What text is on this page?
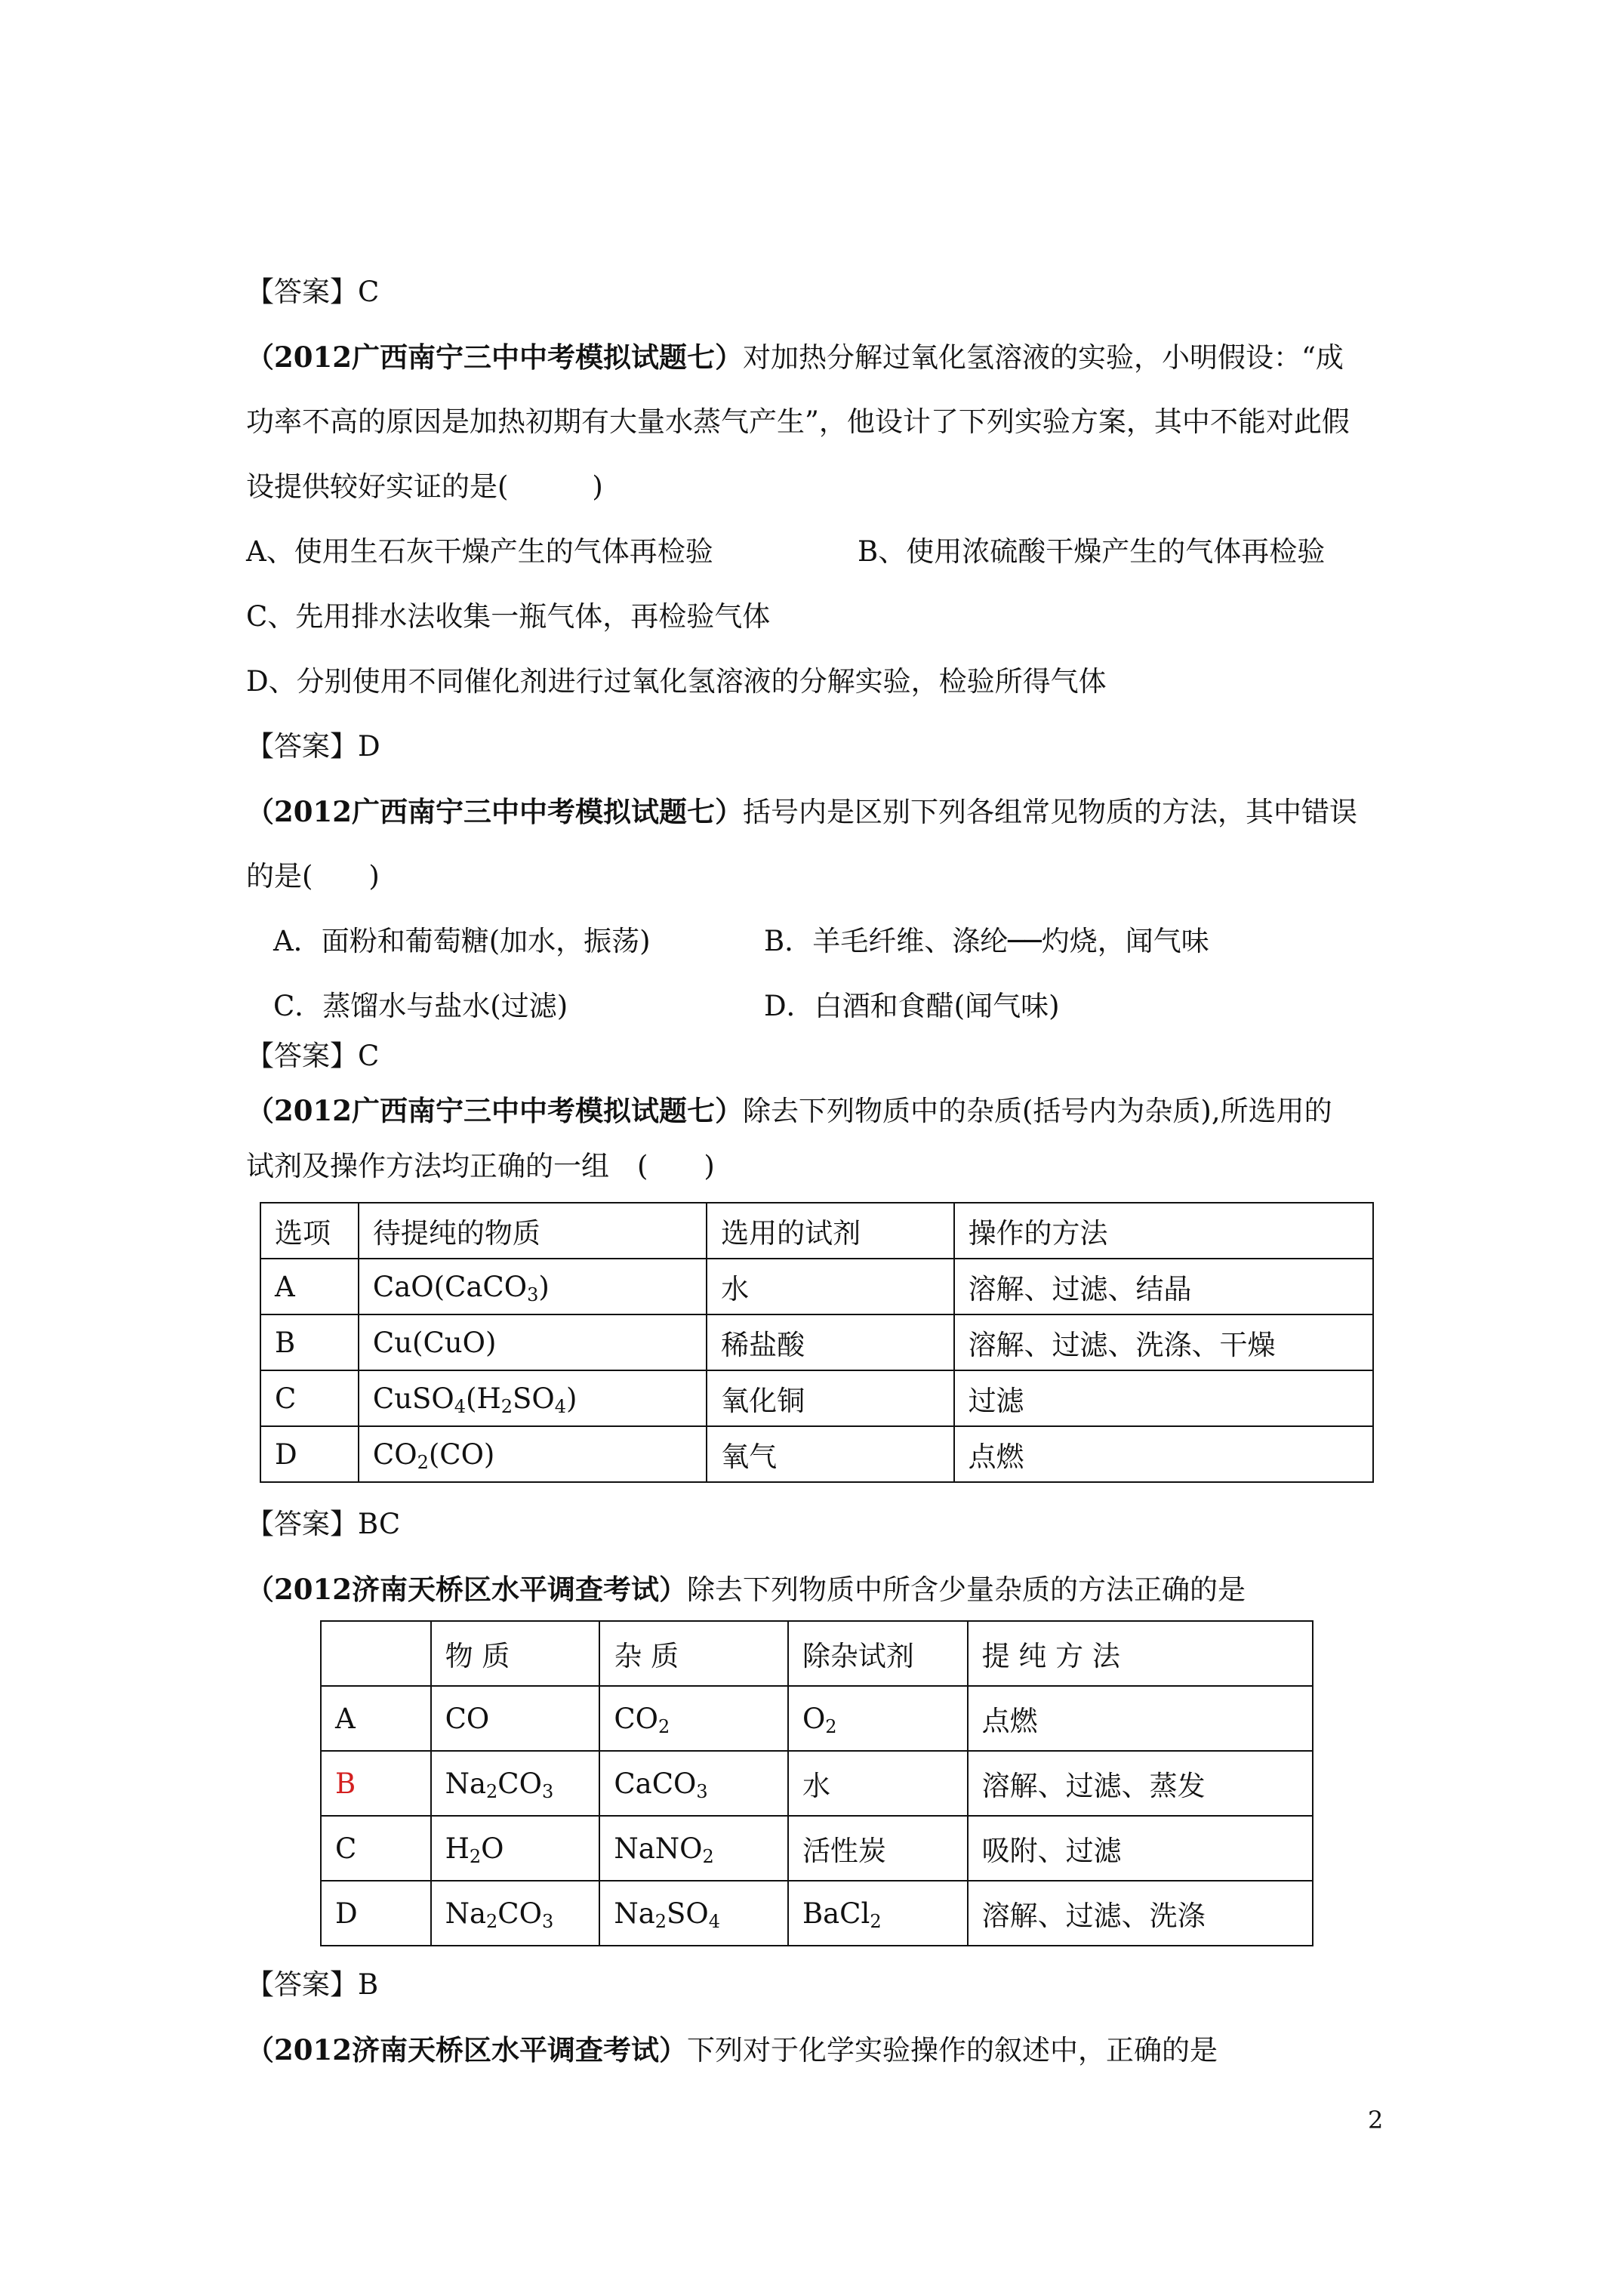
【答案】C
（2012广西南宁三中中考模拟试题七）对加热分解过氧化氢溶液的实验，小明假设：“成
功率不高的原因是加热初期有大量水蒸气产生”，他设计了下列实验方案，其中不能对此假
设提供较好实证的是(　　　)
A、使用生石灰干燥产生的气体再检验	B、使用浓硫酸干燥产生的气体再检验
C、先用排水法收集一瓶气体，再检验气体
D、分别使用不同催化剂进行过氧化氢溶液的分解实验，检验所得气体
【答案】D
（2012广西南宁三中中考模拟试题七）括号内是区别下列各组常见物质的方法，其中错误
的是(　　)
A．面粉和葡萄糖(加水，振荡)	B．羊毛纤维、涤纶──灼烧，闻气味
C．蒸馏水与盐水(过滤)	D．白酒和食醋(闻气味)
【答案】C
（2012广西南宁三中中考模拟试题七）除去下列物质中的杂质(括号内为杂质),所选用的
试剂及操作方法均正确的一组　(　　)
选项	待提纯的物质	选用的试剂	操作的方法
A	CaO(CaCO$_3$)	水	溶解、过滤、结晶
B	Cu(CuO)	稀盐酸	溶解、过滤、洗涤、干燥
C	$CuSO_4(H_2SO_4)$	氧化铜	过滤
D	$CO_2(CO)$	氧气	点燃
【答案】BC
（2012济南天桥区水平调查考试）除去下列物质中所含少量杂质的方法正确的是
	物 质	杂 质	除杂试剂	提 纯 方 法
A	CO	$CO_2$	$O_2$	点燃
B	$Na_2CO_3$	CaCO$_3$	水	溶解、过滤、蒸发
C	$H_2O$	NaNO$_2$	活性炭	吸附、过滤
D	$Na_2CO_3$	$Na_2SO_4$	BaCl$_2$	溶解、过滤、洗涤
【答案】B
（2012济南天桥区水平调查考试）下列对于化学实验操作的叙述中，正确的是
2
